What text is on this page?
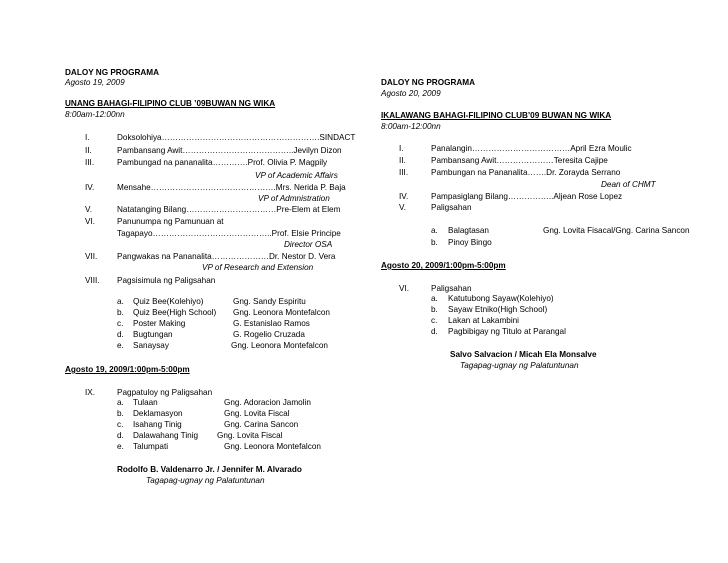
DALOY NG PROGRAMA
Agosto 19, 2009
UNANG BAHAGI-FILIPINO CLUB ’09BUWAN NG WIKA
8:00am-12:00nn
I.	Doksolohiya………………………………………………….SINDACT
II.	Pambansang Awit…………………………………..Jevilyn Dizon
III.	Pambungad na pananalita………….Prof. Olivia P. Magpily
VP of Academic Affairs
IV.	Mensahe……………………………………….Mrs. Nerida P. Baja
VP of Admnistration
V.	Natatanging Bilang……………………………Pre-Elem at Elem
VI.	Panunumpa ng Pamunuan at
Tagapayo……………………………………..Prof. Elsie Principe
Director OSA
VII. Pangwakas na Pananalita…………………Dr. Nestor D. Vera
VP of Research and Extension
VIII. Pagsisimula ng Paligsahan
a. Quiz Bee(Kolehiyo)	Gng. Sandy Espiritu
b. Quiz Bee(High School) Gng. Leonora Montefalcon
c. Poster Making	G. Estanislao Ramos
d. Bugtungan	G. Rogelio Cruzada
e. Sanaysay	Gng. Leonora Montefalcon
Agosto 19, 2009/1:00pm-5:00pm
IX.	Pagpatuloy ng Paligsahan
a. Tulaan	Gng. Adoracion Jamolin
b. Deklamasyon	Gng. Lovita Fiscal
c. Isahang Tinig	Gng. Carina Sancon
d. Dalawahang Tinig Gng. Lovita Fiscal
e. Talumpati	Gng. Leonora Montefalcon
Rodolfo B. Valdenarro Jr. / Jennifer M. Alvarado
Tagapag-ugnay ng Palatuntunan
DALOY NG PROGRAMA
Agosto 20, 2009
IKALAWANG BAHAGI-FILIPINO CLUB’09 BUWAN NG WIKA
8:00am-12:00nn
I.	Panalangin………………………………April Ezra Moulic
II.	Pambansang Awit…………………Teresita Cajipe
III.	Pambungan na Pananalita…….Dr. Zorayda Serrano
Dean of CHMT
IV.	Pampasiglang Bilang……………..Aljean Rose Lopez
V.	Paligsahan
a. Balagtasan	Gng. Lovita Fisacal/Gng. Carina Sancon
b. Pinoy Bingo
Agosto 20, 2009/1:00pm-5:00pm
VI.	Paligsahan
a. Katutubong Sayaw(Kolehiyo)
b. Sayaw Etniko(High School)
c. Lakan at Lakambini
d. Pagbibigay ng Titulo at Parangal
Salvo Salvacion / Micah Ela Monsalve
Tagapag-ugnay ng Palatuntunan
